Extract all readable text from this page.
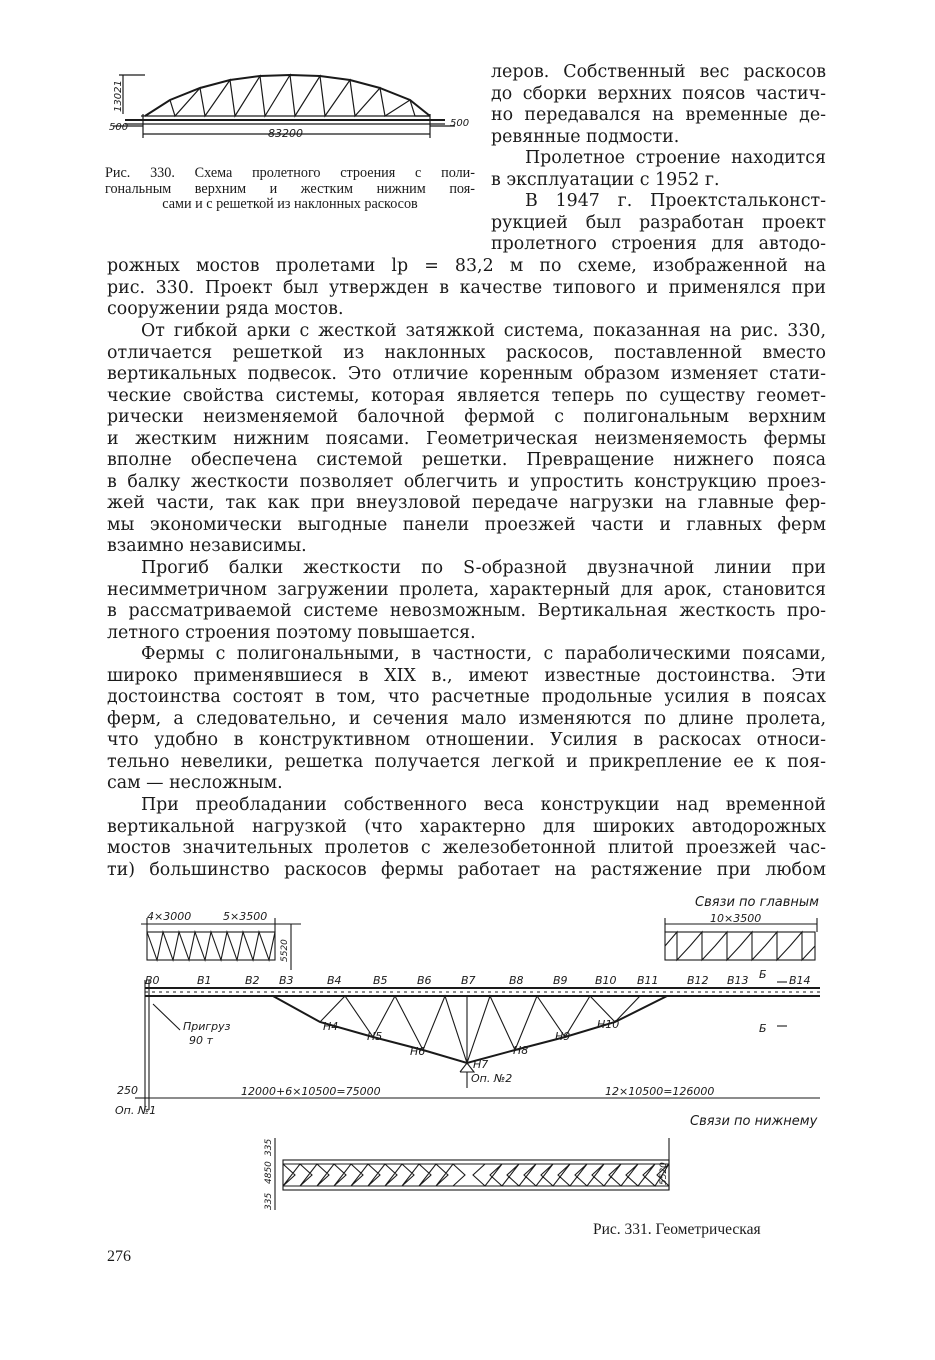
13021
83200
500	500
Рис. 330. Схема пролетного строения с поли-
гональным верхним и жестким нижним поя-
сами и с решеткой из наклонных раскосов
леров. Собственный вес раскосов
до сборки верхних поясов частич-
но передавался на временные де-
ревянные подмости.
Пролетное строение находится
в эксплуатации с 1952 г.
В 1947 г. Проектстальконст-
рукцией был разработан проект
пролетного строения для автодо-
рожных мостов пролетами lр = 83,2 м по схеме, изображенной на
рис. 330. Проект был утвержден в качестве типового и применялся при
сооружении ряда мостов.
От гибкой арки с жесткой затяжкой система, показанная на рис. 330,
отличается решеткой из наклонных раскосов, поставленной вместо
вертикальных подвесок. Это отличие коренным образом изменяет стати-
ческие свойства системы, которая является теперь по существу геомет-
рически неизменяемой балочной фермой с полигональным верхним
и жестким нижним поясами. Геометрическая неизменяемость фермы
вполне обеспечена системой решетки. Превращение нижнего пояса
в балку жесткости позволяет облегчить и упростить конструкцию проез-
жей части, так как при внеузловой передаче нагрузки на главные фер-
мы экономически выгодные панели проезжей части и главных ферм
взаимно независимы.
Прогиб балки жесткости по S-образной двузначной линии при
несимметричном загружении пролета, характерный для арок, становится
в рассматриваемой системе невозможным. Вертикальная жесткость про-
летного строения поэтому повышается.
Фермы с полигональными, в частности, с параболическими поясами,
широко применявшиеся в XIX в., имеют известные достоинства. Эти
достоинства состоят в том, что расчетные продольные усилия в поясах
ферм, а следовательно, и сечения мало изменяются по длине пролета,
что удобно в конструктивном отношении. Усилия в раскосах относи-
тельно невелики, решетка получается легкой и прикрепление ее к поя-
сам — несложным.
При преобладании собственного веса конструкции над временной
вертикальной нагрузкой (что характерно для широких автодорожных
мостов значительных пролетов с железобетонной плитой проезжей час-
ти) большинство раскосов фермы работает на растяжение при любом
4×3000	5×3500
5520
Связи по главным
10×3500
B0	B1	B2 B3	B4	B5	B6	B7	B8	B9 B10 B11	B12 B13	B14
H4
H5
H6
H7
H8
H9
H10
Б
Б
Пригруз
90 т
Оп. №2
Оп. №1
250	12000+6×10500=75000	12×10500=126000
Связи по нижнему
335
4850
335
5520
Рис. 331. Геометрическая
276
